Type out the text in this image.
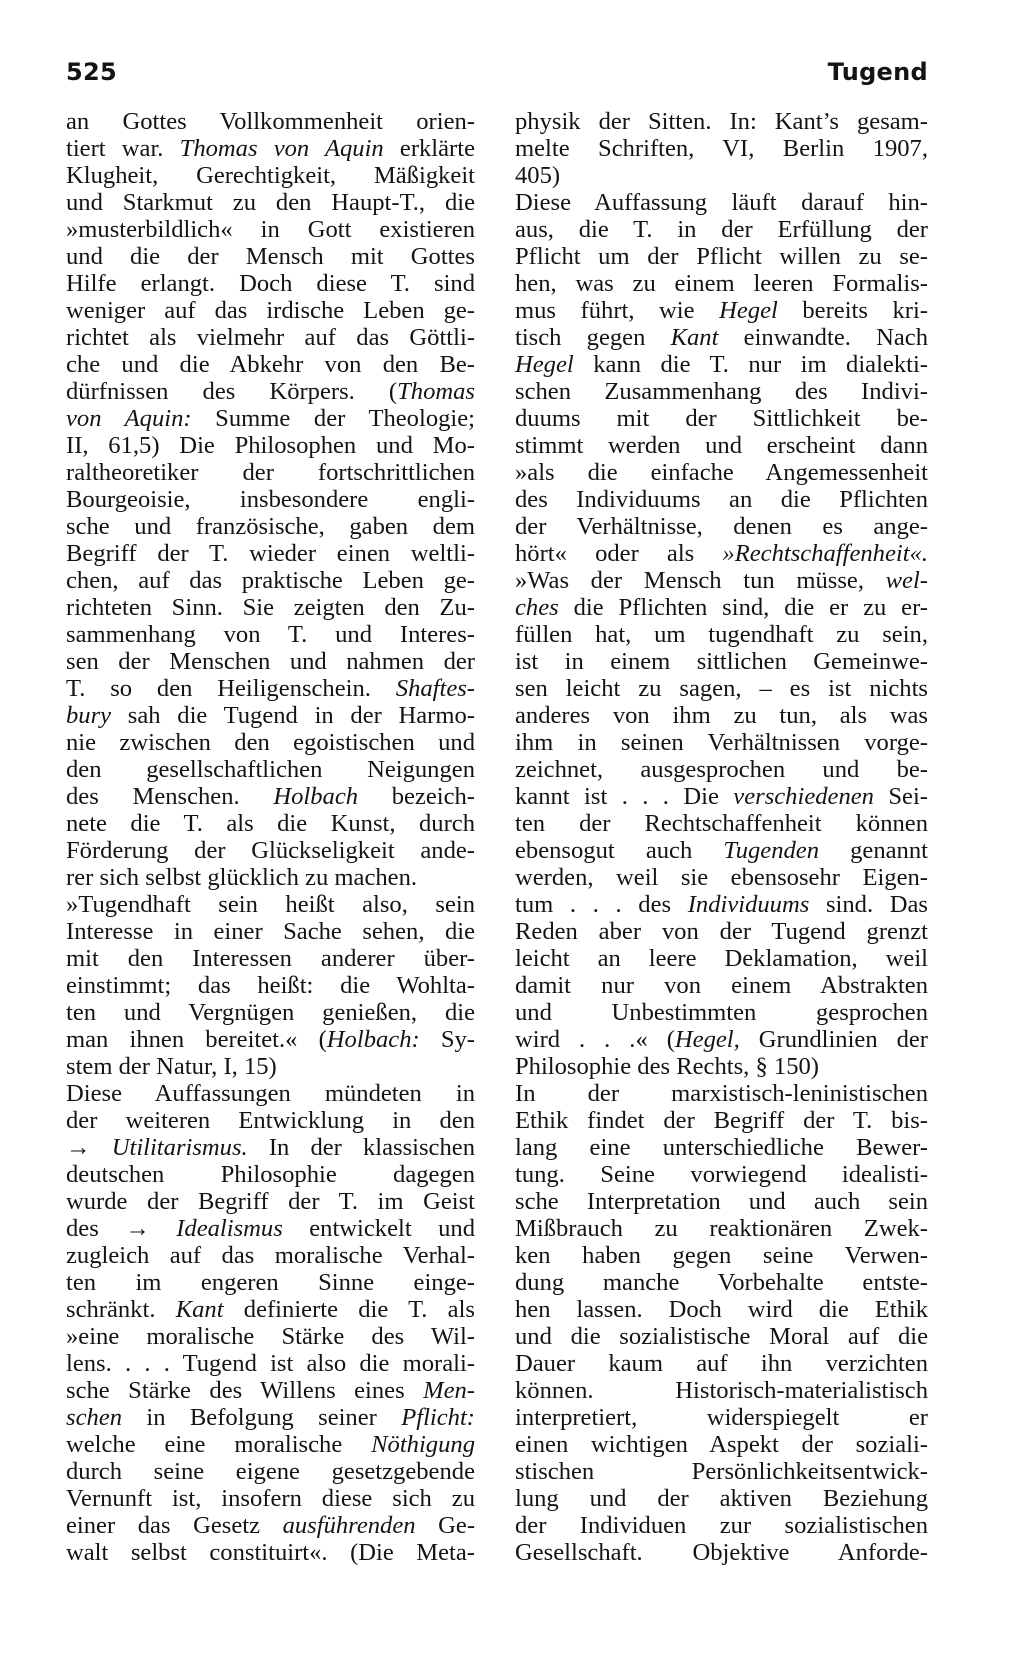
525	Tugend
an Gottes Vollkommenheit orien-
tiert war. Thomas von Aquin erklärte
Klugheit, Gerechtigkeit, Mäßigkeit
und Starkmut zu den Haupt-T., die
»musterbildlich« in Gott existieren
und die der Mensch mit Gottes
Hilfe erlangt. Doch diese T. sind
weniger auf das irdische Leben ge-
richtet als vielmehr auf das Göttli-
che und die Abkehr von den Be-
dürfnissen des Körpers. (Thomas
von Aquin: Summe der Theologie;
II, 61,5) Die Philosophen und Mo-
raltheoretiker der fortschrittlichen
Bourgeoisie, insbesondere engli-
sche und französische, gaben dem
Begriff der T. wieder einen weltli-
chen, auf das praktische Leben ge-
richteten Sinn. Sie zeigten den Zu-
sammenhang von T. und Interes-
sen der Menschen und nahmen der
T. so den Heiligenschein. Shaftes-
bury sah die Tugend in der Harmo-
nie zwischen den egoistischen und
den gesellschaftlichen Neigungen
des Menschen. Holbach bezeich-
nete die T. als die Kunst, durch
Förderung der Glückseligkeit ande-
rer sich selbst glücklich zu machen.
»Tugendhaft sein heißt also, sein
Interesse in einer Sache sehen, die
mit den Interessen anderer über-
einstimmt; das heißt: die Wohlta-
ten und Vergnügen genießen, die
man ihnen bereitet.« (Holbach: Sy-
stem der Natur, I, 15)
Diese Auffassungen mündeten in
der weiteren Entwicklung in den
→ Utilitarismus. In der klassischen
deutschen Philosophie dagegen
wurde der Begriff der T. im Geist
des → Idealismus entwickelt und
zugleich auf das moralische Verhal-
ten im engeren Sinne einge-
schränkt. Kant definierte die T. als
»eine moralische Stärke des Wil-
lens. . . . Tugend ist also die morali-
sche Stärke des Willens eines Men-
schen in Befolgung seiner Pflicht:
welche eine moralische Nöthigung
durch seine eigene gesetzgebende
Vernunft ist, insofern diese sich zu
einer das Gesetz ausführenden Ge-
walt selbst constituirt«. (Die Meta-
physik der Sitten. In: Kant’s gesam-
melte Schriften, VI, Berlin 1907,
405)
Diese Auffassung läuft darauf hin-
aus, die T. in der Erfüllung der
Pflicht um der Pflicht willen zu se-
hen, was zu einem leeren Formalis-
mus führt, wie Hegel bereits kri-
tisch gegen Kant einwandte. Nach
Hegel kann die T. nur im dialekti-
schen Zusammenhang des Indivi-
duums mit der Sittlichkeit be-
stimmt werden und erscheint dann
»als die einfache Angemessenheit
des Individuums an die Pflichten
der Verhältnisse, denen es ange-
hört« oder als »Rechtschaffenheit«.
»Was der Mensch tun müsse, wel-
ches die Pflichten sind, die er zu er-
füllen hat, um tugendhaft zu sein,
ist in einem sittlichen Gemeinwe-
sen leicht zu sagen, – es ist nichts
anderes von ihm zu tun, als was
ihm in seinen Verhältnissen vorge-
zeichnet, ausgesprochen und be-
kannt ist . . . Die verschiedenen Sei-
ten der Rechtschaffenheit können
ebensogut auch Tugenden genannt
werden, weil sie ebensosehr Eigen-
tum . . . des Individuums sind. Das
Reden aber von der Tugend grenzt
leicht an leere Deklamation, weil
damit nur von einem Abstrakten
und Unbestimmten gesprochen
wird . . .« (Hegel, Grundlinien der
Philosophie des Rechts, § 150)
In der marxistisch-leninistischen
Ethik findet der Begriff der T. bis-
lang eine unterschiedliche Bewer-
tung. Seine vorwiegend idealisti-
sche Interpretation und auch sein
Mißbrauch zu reaktionären Zwek-
ken haben gegen seine Verwen-
dung manche Vorbehalte entste-
hen lassen. Doch wird die Ethik
und die sozialistische Moral auf die
Dauer kaum auf ihn verzichten
können. Historisch-materialistisch
interpretiert, widerspiegelt er
einen wichtigen Aspekt der soziali-
stischen Persönlichkeitsentwick-
lung und der aktiven Beziehung
der Individuen zur sozialistischen
Gesellschaft. Objektive Anforde-
